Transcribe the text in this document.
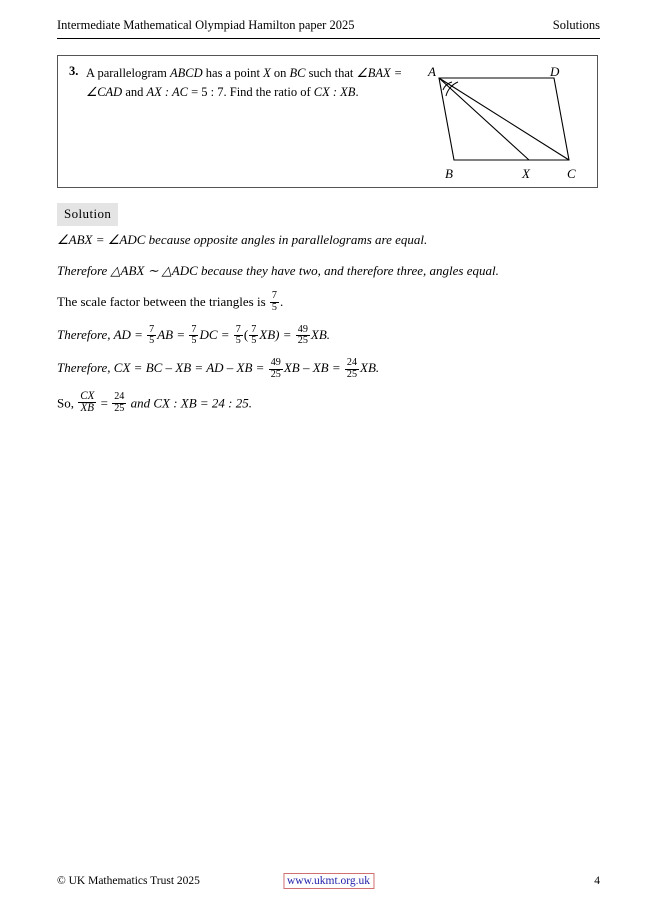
Intermediate Mathematical Olympiad Hamilton paper 2025	Solutions
3. A parallelogram ABCD has a point X on BC such that ∠BAX = ∠CAD and AX : AC = 5 : 7. Find the ratio of CX : XB.
A	D
B	X	C
Solution

∠ABX = ∠ADC because opposite angles in parallelograms are equal.

Therefore △ABX ∼ △ADC because they have two, and therefore three, angles equal.

The scale factor between the triangles is $\frac{7}{5}$ .

Therefore, AD = $\frac{7}{5}$ AB = $\frac{7}{5}$ DC = $\frac{7}{5}$ ( $\frac{7}{5} XB) = \frac{49}{25}$ XB.

Therefore, CX = BC – XB = AD – XB = $\frac{49}{25}$ XB – XB = $\frac{24}{25}$ XB.

So, $\frac{CX}{XB} = \frac{24}{25}$ and CX : XB = 24 : 25.

© UK Mathematics Trust 2025	www.ukmt.org.uk	4
